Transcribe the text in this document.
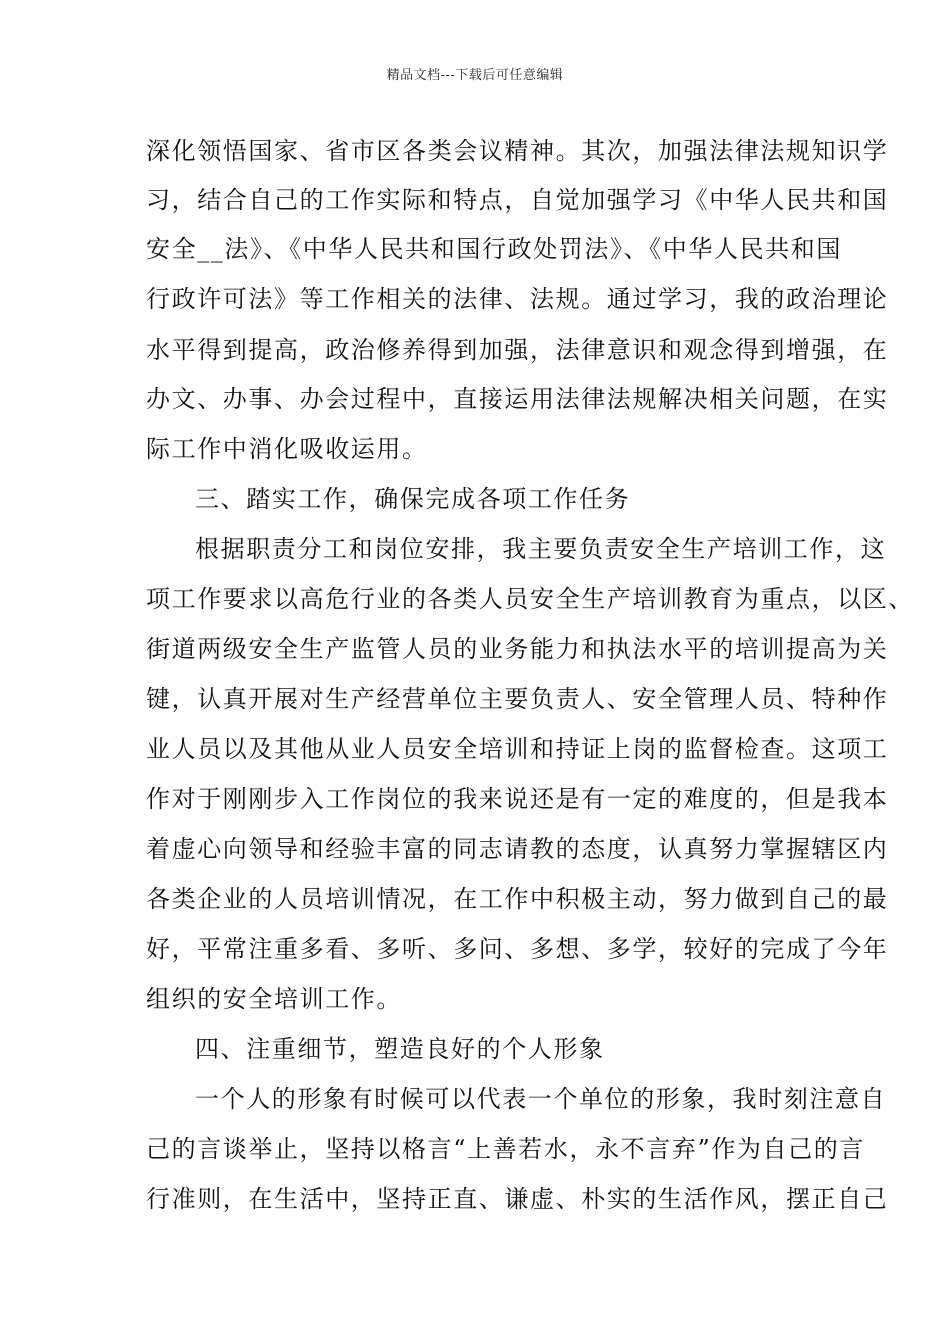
精品文档---下载后可任意编辑
深化领悟国家、省市区各类会议精神。其次，加强法律法规知识学
习，结合自己的工作实际和特点，自觉加强学习《中华人民共和国
安全__法》、《中华人民共和国行政处罚法》、《中华人民共和国
行政许可法》等工作相关的法律、法规。通过学习，我的政治理论
水平得到提高，政治修养得到加强，法律意识和观念得到增强，在
办文、办事、办会过程中，直接运用法律法规解决相关问题，在实
际工作中消化吸收运用。
三、踏实工作，确保完成各项工作任务
根据职责分工和岗位安排，我主要负责安全生产培训工作，这
项工作要求以高危行业的各类人员安全生产培训教育为重点，以区、
街道两级安全生产监管人员的业务能力和执法水平的培训提高为关
键，认真开展对生产经营单位主要负责人、安全管理人员、特种作
业人员以及其他从业人员安全培训和持证上岗的监督检查。这项工
作对于刚刚步入工作岗位的我来说还是有一定的难度的，但是我本
着虚心向领导和经验丰富的同志请教的态度，认真努力掌握辖区内
各类企业的人员培训情况，在工作中积极主动，努力做到自己的最
好，平常注重多看、多听、多问、多想、多学，较好的完成了今年
组织的安全培训工作。
四、注重细节，塑造良好的个人形象
一个人的形象有时候可以代表一个单位的形象，我时刻注意自
己的言谈举止，坚持以格言“上善若水，永不言弃”作为自己的言
行准则，在生活中，坚持正直、谦虚、朴实的生活作风，摆正自己
